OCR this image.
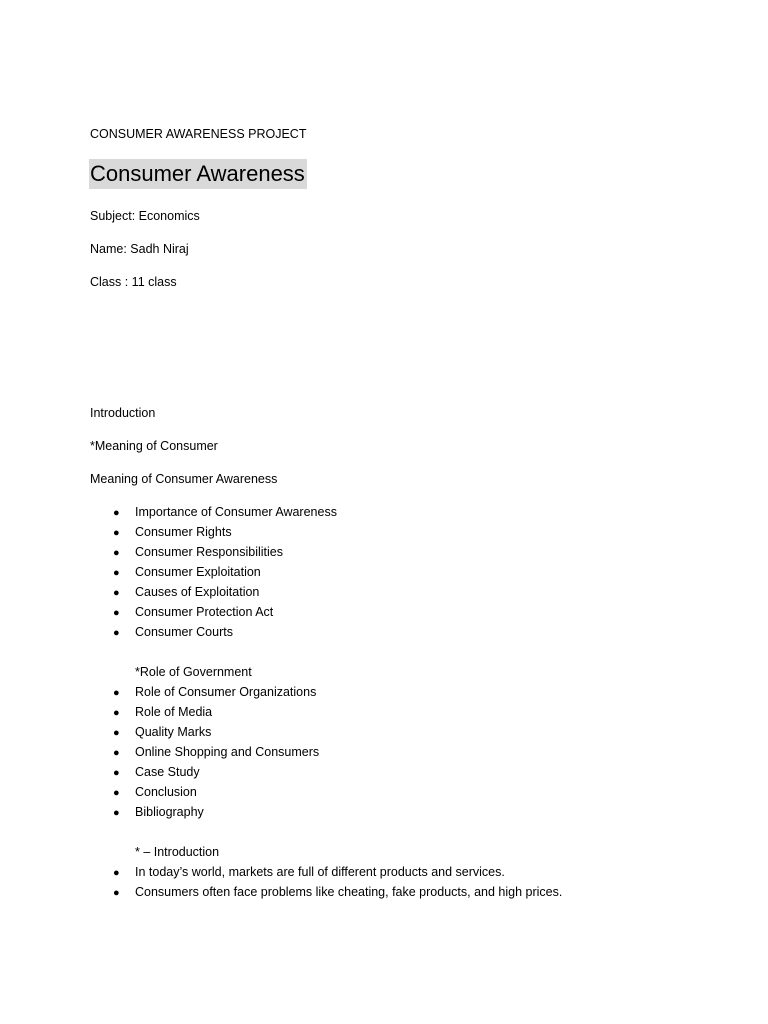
CONSUMER AWARENESS PROJECT
Consumer Awareness
Subject: Economics
Name: Sadh Niraj
Class : 11 class
Introduction
*Meaning of Consumer
Meaning of Consumer Awareness
● Importance of Consumer Awareness
● Consumer Rights
● Consumer Responsibilities
● Consumer Exploitation
● Causes of Exploitation
● Consumer Protection Act
● Consumer Courts
*Role of Government
● Role of Consumer Organizations
● Role of Media
● Quality Marks
● Online Shopping and Consumers
● Case Study
● Conclusion
● Bibliography
* – Introduction
● In today’s world, markets are full of different products and services.
● Consumers often face problems like cheating, fake products, and high prices.
